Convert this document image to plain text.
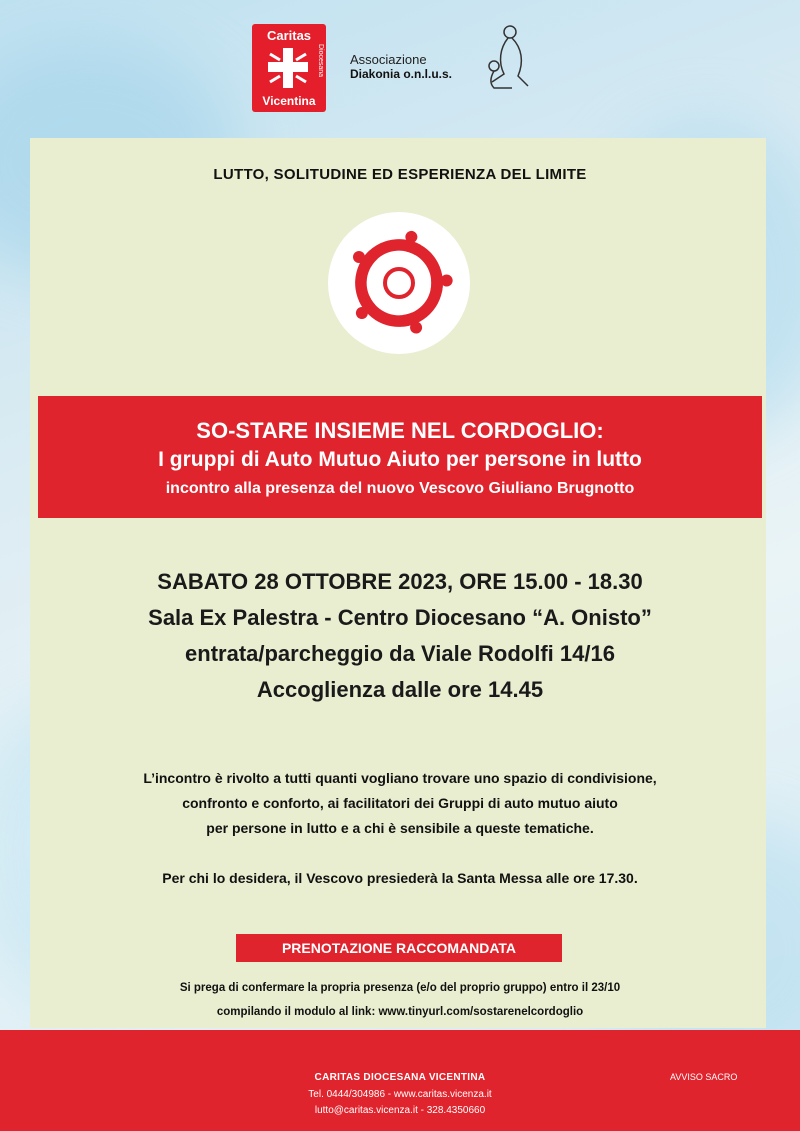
Caritas
Diocesana
Vicentina
Associazione
Diakonia o.n.l.u.s.
LUTTO, SOLITUDINE ED ESPERIENZA DEL LIMITE
SO-STARE INSIEME NEL CORDOGLIO:
I gruppi di Auto Mutuo Aiuto per persone in lutto
incontro alla presenza del nuovo Vescovo Giuliano Brugnotto
SABATO 28 OTTOBRE 2023, ORE 15.00 - 18.30
Sala Ex Palestra - Centro Diocesano “A. Onisto”
entrata/parcheggio da Viale Rodolfi 14/16
Accoglienza dalle ore 14.45
L’incontro è rivolto a tutti quanti vogliano trovare uno spazio di condivisione,
confronto e conforto, ai facilitatori dei Gruppi di auto mutuo aiuto
per persone in lutto e a chi è sensibile a queste tematiche.
Per chi lo desidera, il Vescovo presiederà la Santa Messa alle ore 17.30.
PRENOTAZIONE RACCOMANDATA
Si prega di confermare la propria presenza (e/o del proprio gruppo) entro il 23/10
compilando il modulo al link: www.tinyurl.com/sostarenelcordoglio
CARITAS DIOCESANA VICENTINA
Tel. 0444/304986 - www.caritas.vicenza.it
lutto@caritas.vicenza.it - 328.4350660
AVVISO SACRO
